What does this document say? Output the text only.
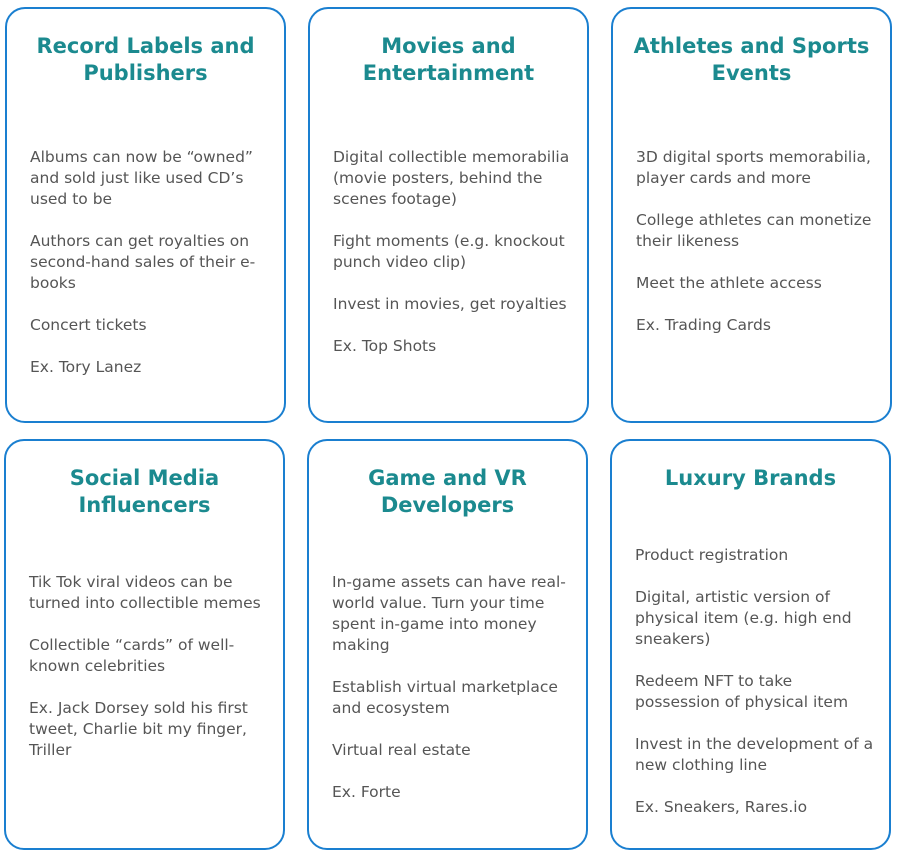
Record Labels and Publishers
Albums can now be “owned” and sold just like used CD’s used to be
Authors can get royalties on second-hand sales of their e-books
Concert tickets
Ex. Tory Lanez
Movies and Entertainment
Digital collectible memorabilia (movie posters, behind the scenes footage)
Fight moments (e.g. knockout punch video clip)
Invest in movies, get royalties
Ex. Top Shots
Athletes and Sports Events
3D digital sports memorabilia, player cards and more
College athletes can monetize their likeness
Meet the athlete access
Ex. Trading Cards
Social Media Influencers
Tik Tok viral videos can be turned into collectible memes
Collectible “cards” of well-known celebrities
Ex. Jack Dorsey sold his first tweet, Charlie bit my finger, Triller
Game and VR Developers
In-game assets can have real-world value. Turn your time spent in-game into money making
Establish virtual marketplace and ecosystem
Virtual real estate
Ex. Forte
Luxury Brands
Product registration
Digital, artistic version of physical item (e.g. high end sneakers)
Redeem NFT to take possession of physical item
Invest in the development of a new clothing line
Ex. Sneakers, Rares.io
